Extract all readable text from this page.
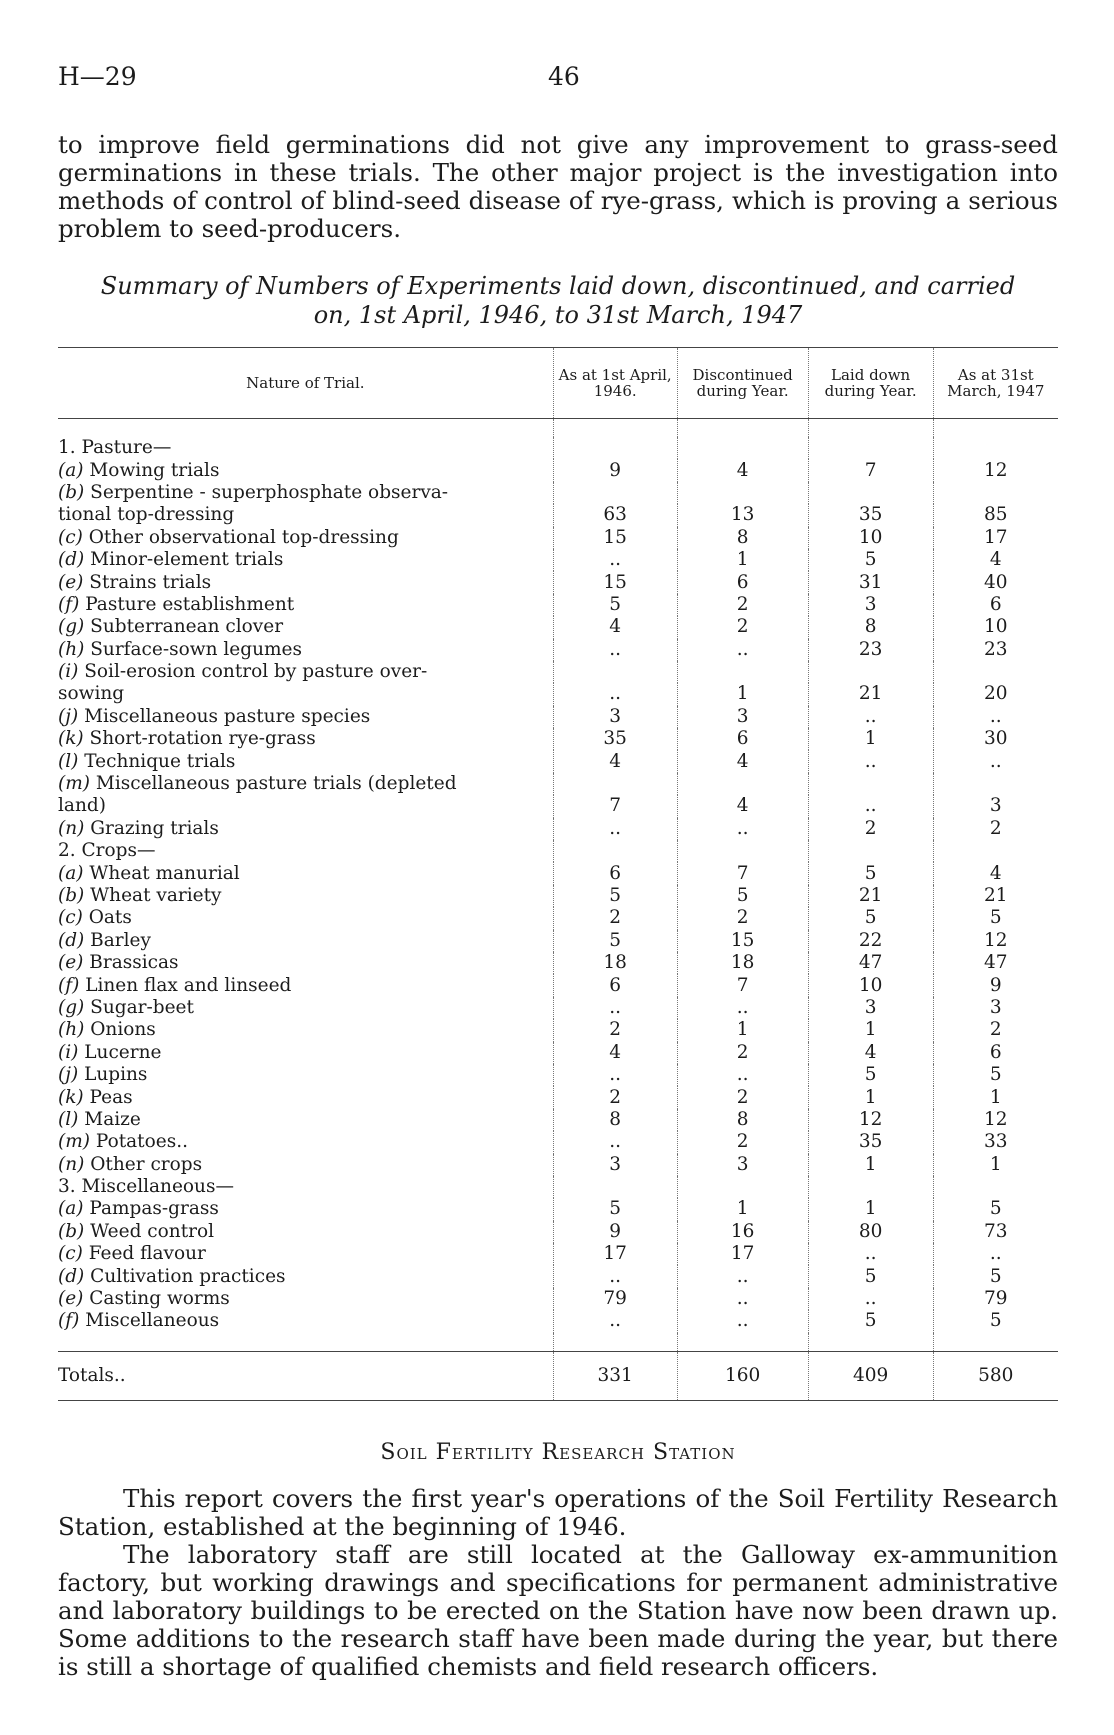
H—29	46
to improve field germinations did not give any improvement to grass-seed germinations in these trials. The other major project is the investigation into methods of control of blind-seed disease of rye-grass, which is proving a serious problem to seed-producers.
Summary of Numbers of Experiments laid down, discontinued, and carried
on, 1st April, 1946, to 31st March, 1947
Nature of Trial.	As at 1st April, 1946.	Discontinued during Year.	Laid down during Year.	As at 31st March, 1947

1. Pasture—				
(a) Mowing trials	9	4	7	12
(b) Serpentine - superphosphate observa-				
tional top-dressing	63	13	35	85
(c) Other observational top-dressing	15	8	10	17
(d) Minor-element trials	..	1	5	4
(e) Strains trials	15	6	31	40
(f) Pasture establishment	5	2	3	6
(g) Subterranean clover	4	2	8	10
(h) Surface-sown legumes	..	..	23	23
(i) Soil-erosion control by pasture over-				
sowing	..	1	21	20
(j) Miscellaneous pasture species	3	3	..	..
(k) Short-rotation rye-grass	35	6	1	30
(l) Technique trials	4	4	..	..
(m) Miscellaneous pasture trials (depleted				
land)	7	4	..	3
(n) Grazing trials	..	..	2	2
2. Crops—				
(a) Wheat manurial	6	7	5	4
(b) Wheat variety	5	5	21	21
(c) Oats	2	2	5	5
(d) Barley	5	15	22	12
(e) Brassicas	18	18	47	47
(f) Linen flax and linseed	6	7	10	9
(g) Sugar-beet	..	..	3	3
(h) Onions	2	1	1	2
(i) Lucerne	4	2	4	6
(j) Lupins	..	..	5	5
(k) Peas	2	2	1	1
(l) Maize	8	8	12	12
(m) Potatoes..	..	2	35	33
(n) Other crops	3	3	1	1
3. Miscellaneous—				
(a) Pampas-grass	5	1	1	5
(b) Weed control	9	16	80	73
(c) Feed flavour	17	17	..	..
(d) Cultivation practices	..	..	5	5
(e) Casting worms	79	..	..	79
(f) Miscellaneous	..	..	5	5

Totals..	331	160	409	580
Soil Fertility Research Station
This report covers the first year's operations of the Soil Fertility Research Station, established at the beginning of 1946.
The laboratory staff are still located at the Galloway ex-ammunition factory, but working drawings and specifications for permanent administrative and laboratory buildings to be erected on the Station have now been drawn up. Some additions to the research staff have been made during the year, but there is still a shortage of qualified chemists and field research officers.
